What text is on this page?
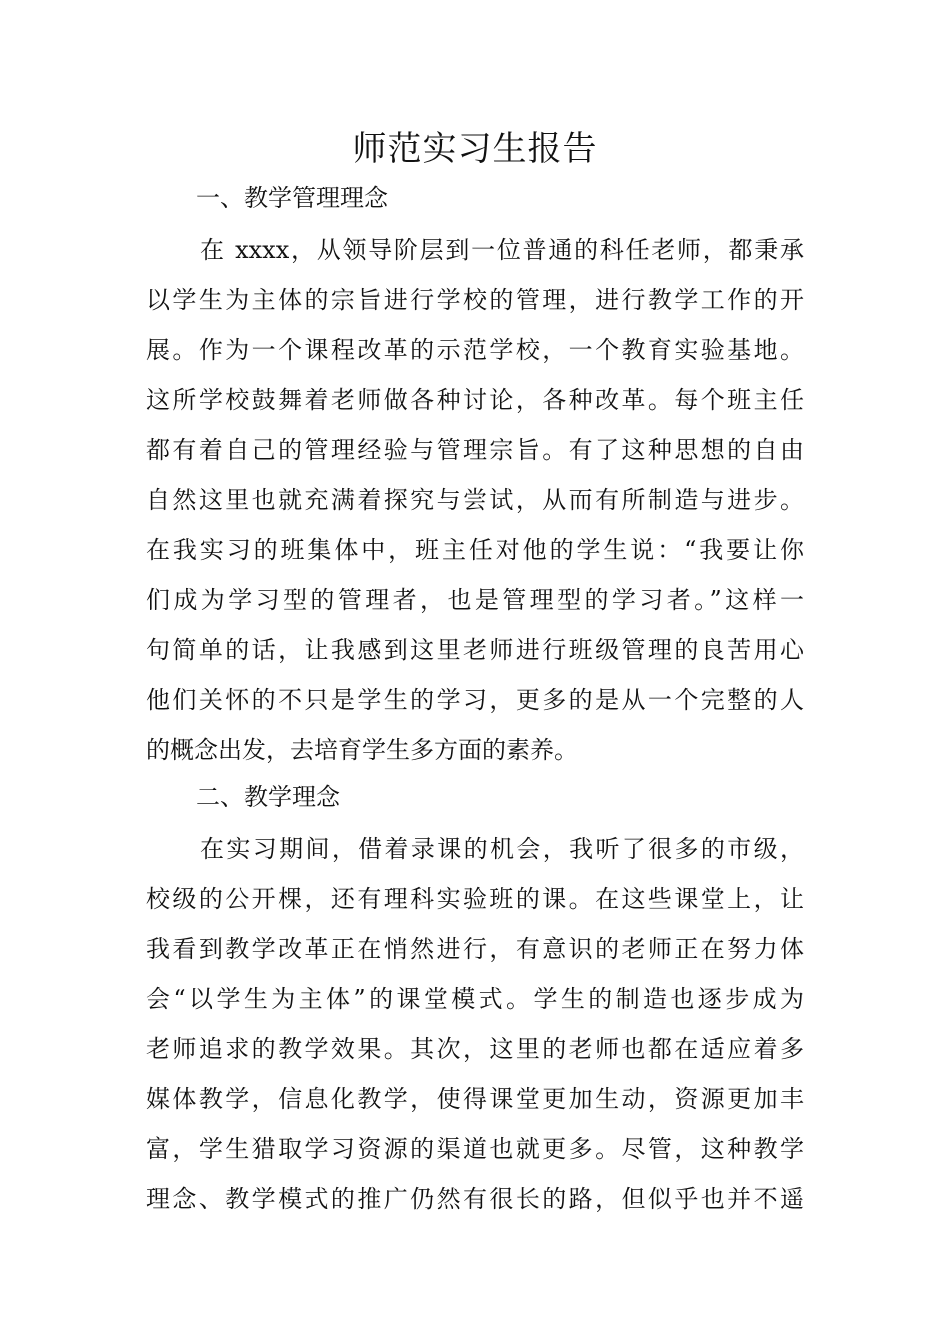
师范实习生报告
一、教学管理理念
在 xxxx，从领导阶层到一位普通的科任老师，都秉承
以学生为主体的宗旨进行学校的管理，进行教学工作的开
展。作为一个课程改革的示范学校，一个教育实验基地。
这所学校鼓舞着老师做各种讨论，各种改革。每个班主任
都有着自己的管理经验与管理宗旨。有了这种思想的自由
自然这里也就充满着探究与尝试，从而有所制造与进步。
在我实习的班集体中，班主任对他的学生说：“我要让你
们成为学习型的管理者，也是管理型的学习者。”这样一
句简单的话，让我感到这里老师进行班级管理的良苦用心
他们关怀的不只是学生的学习，更多的是从一个完整的人
的概念出发，去培育学生多方面的素养。
二、教学理念
在实习期间，借着录课的机会，我听了很多的市级，
校级的公开棵，还有理科实验班的课。在这些课堂上，让
我看到教学改革正在悄然进行，有意识的老师正在努力体
会“以学生为主体”的课堂模式。学生的制造也逐步成为
老师追求的教学效果。其次，这里的老师也都在适应着多
媒体教学，信息化教学，使得课堂更加生动，资源更加丰
富，学生猎取学习资源的渠道也就更多。尽管，这种教学
理念、教学模式的推广仍然有很长的路，但似乎也并不遥
